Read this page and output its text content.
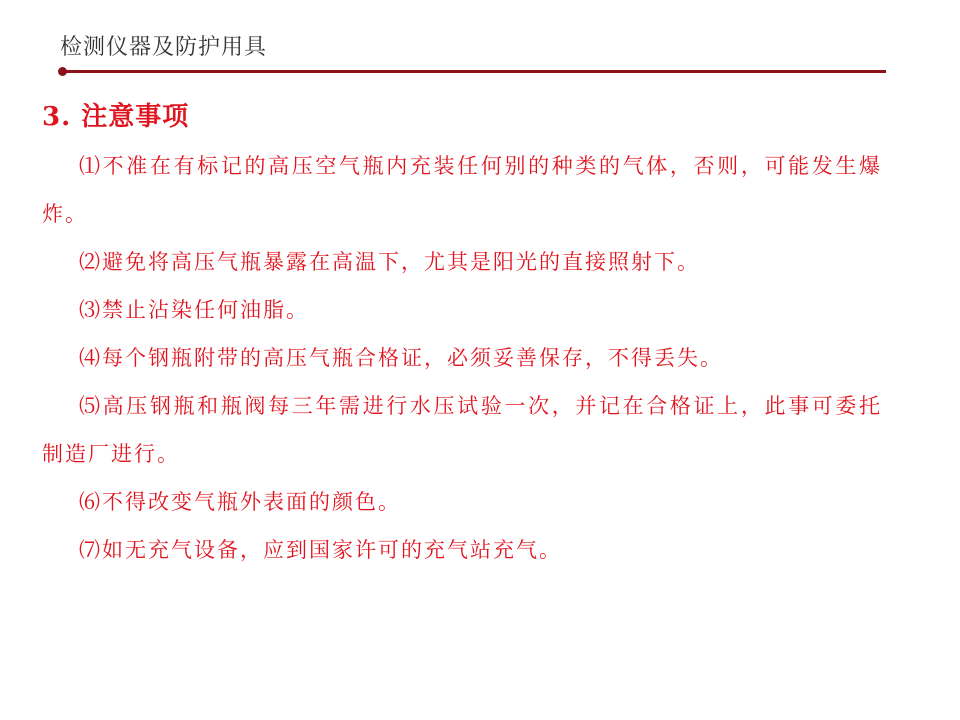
检测仪器及防护用具
3. 注意事项

⑴不准在有标记的高压空气瓶内充装任何别的种类的气体，否则，可能发生爆炸。

⑵避免将高压气瓶暴露在高温下，尤其是阳光的直接照射下。

⑶禁止沾染任何油脂。

⑷每个钢瓶附带的高压气瓶合格证，必须妥善保存，不得丢失。

⑸高压钢瓶和瓶阀每三年需进行水压试验一次，并记在合格证上，此事可委托制造厂进行。

⑹不得改变气瓶外表面的颜色。

⑺如无充气设备，应到国家许可的充气站充气。
